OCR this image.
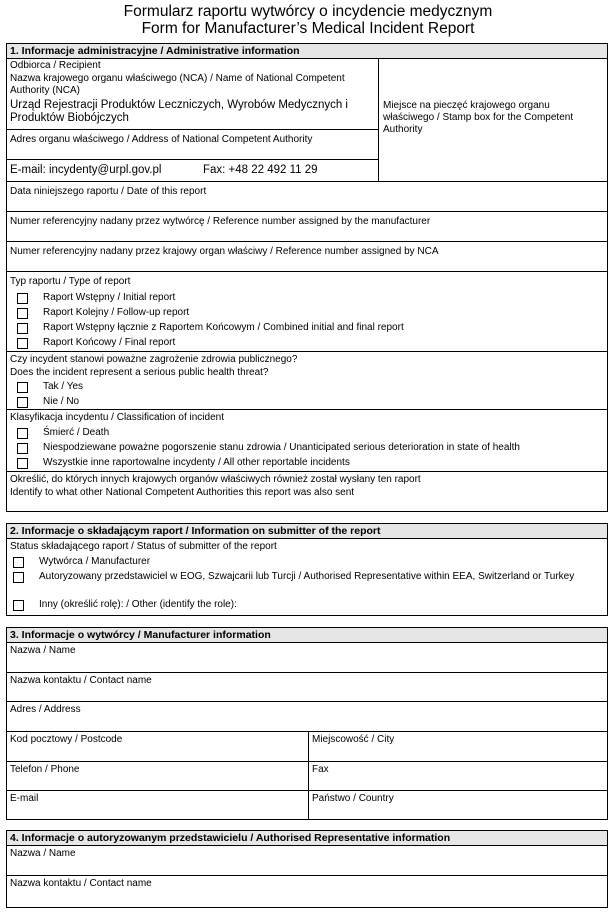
Formularz raportu wytwórcy o incydencie medycznym
Form for Manufacturer’s Medical Incident Report
1. Informacje administracyjne / Administrative information
Odbiorca / Recipient
Nazwa krajowego organu właściwego (NCA) / Name of National Competent Authority (NCA)
Urząd Rejestracji Produktów Leczniczych, Wyrobów Medycznych i Produktów Biobójczych
Adres organu właściwego / Address of National Competent Authority
E-mail: incydenty@urpl.gov.pl	Fax: +48 22 492 11 29
Miejsce na pieczęć krajowego organu właściwego / Stamp box for the Competent Authority
Data niniejszego raportu / Date of this report
Numer referencyjny nadany przez wytwórcę / Reference number assigned by the manufacturer
Numer referencyjny nadany przez krajowy organ właściwy / Reference number assigned by NCA
Typ raportu / Type of report
Raport Wstępny / Initial report
Raport Kolejny / Follow-up report
Raport Wstępny łącznie z Raportem Końcowym / Combined initial and final report
Raport Końcowy / Final report
Czy incydent stanowi poważne zagrożenie zdrowia publicznego?
Does the incident represent a serious public health threat?
Tak / Yes
Nie / No
Klasyfikacja incydentu / Classification of incident
Śmierć / Death
Niespodziewane poważne pogorszenie stanu zdrowia / Unanticipated serious deterioration in state of health
Wszystkie inne raportowalne incydenty / All other reportable incidents
Określić, do których innych krajowych organów właściwych również został wysłany ten raport
Identify to what other National Competent Authorities this report was also sent
2. Informacje o składającym raport / Information on submitter of the report
Status składającego raport / Status of submitter of the report
Wytwórca / Manufacturer
Autoryzowany przedstawiciel w EOG, Szwajcarii lub Turcji / Authorised Representative within EEA, Switzerland or Turkey
Inny (określić rolę): / Other (identify the role):
3. Informacje o wytwórcy / Manufacturer information
Nazwa / Name
Nazwa kontaktu / Contact name
Adres / Address
Kod pocztowy / Postcode	Miejscowość / City
Telefon / Phone	Fax
E-mail	Państwo / Country
4. Informacje o autoryzowanym przedstawicielu / Authorised Representative information
Nazwa / Name
Nazwa kontaktu / Contact name
